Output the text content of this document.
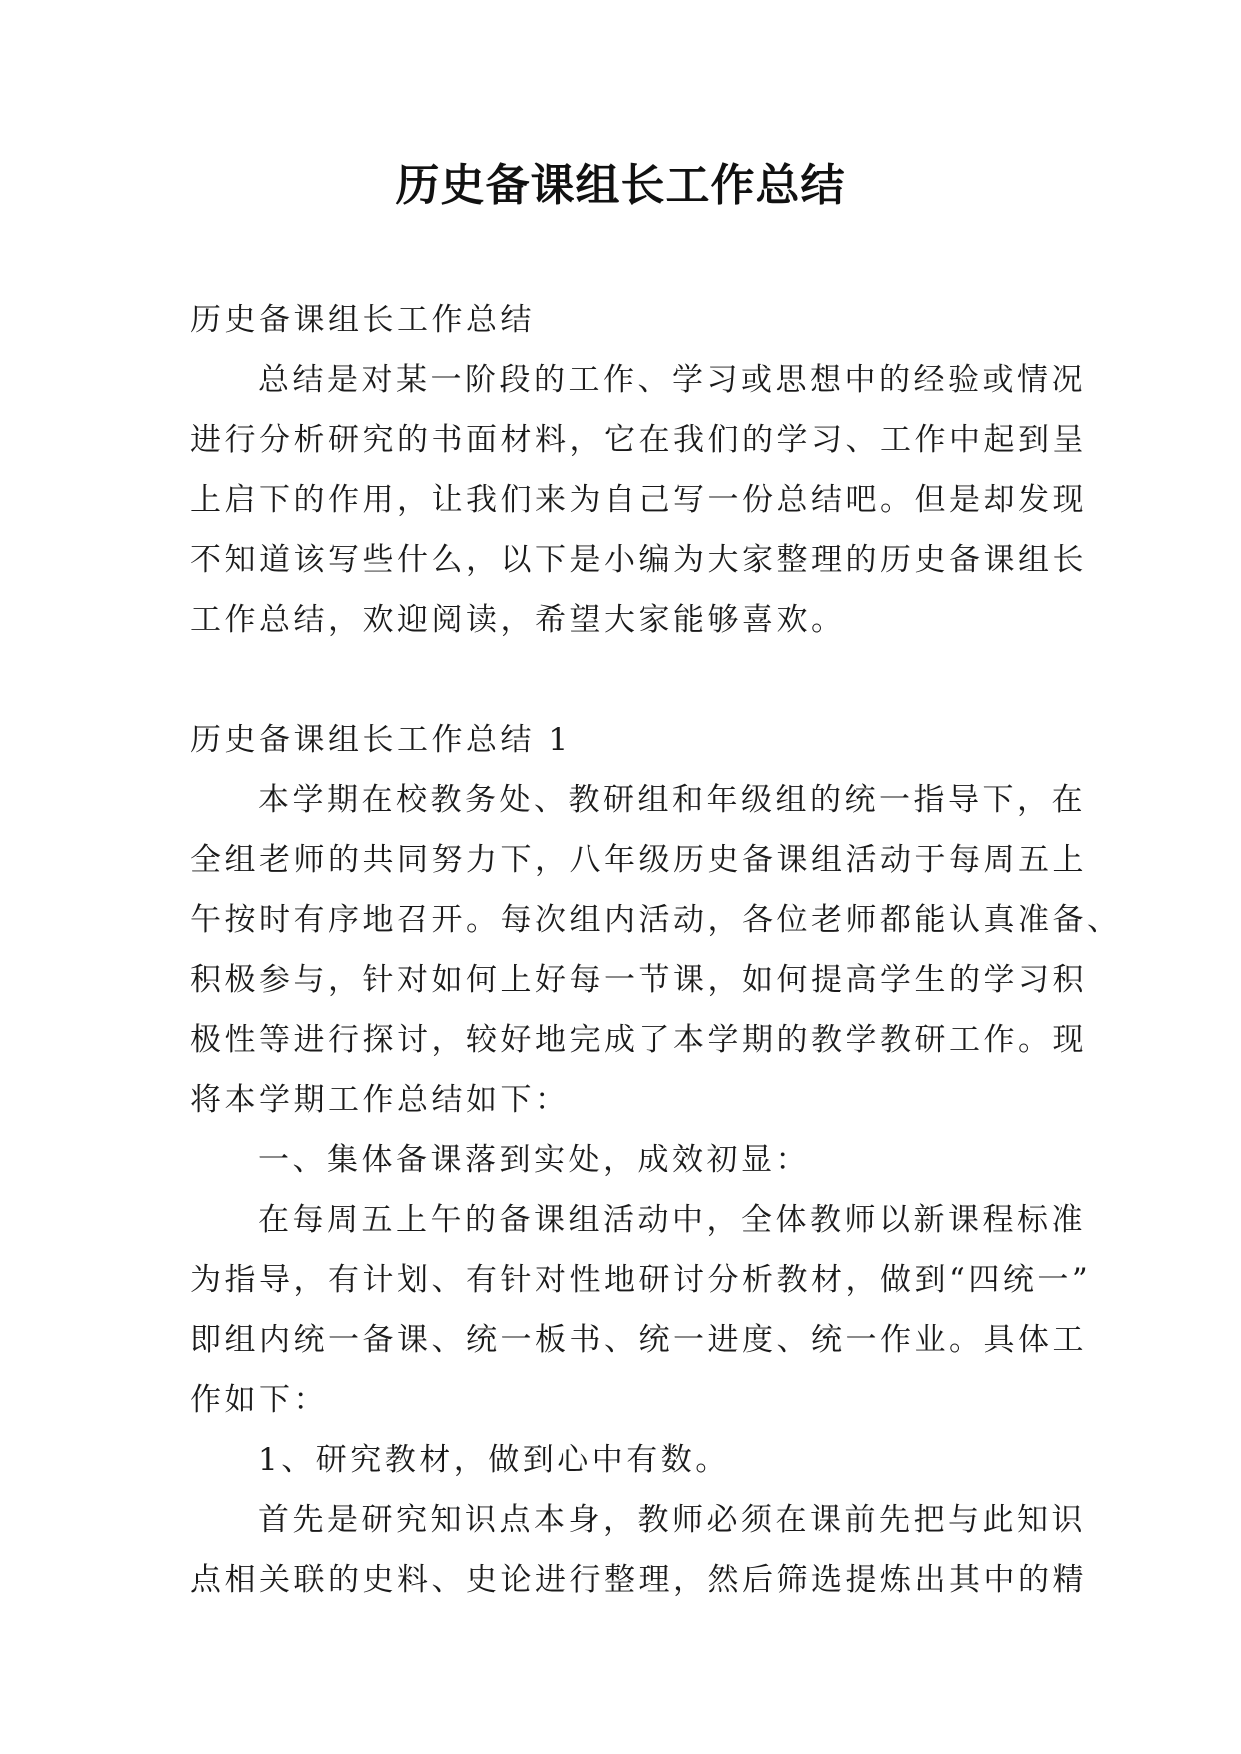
历史备课组长工作总结
历史备课组长工作总结
总结是对某一阶段的工作、学习或思想中的经验或情况
进行分析研究的书面材料，它在我们的学习、工作中起到呈
上启下的作用，让我们来为自己写一份总结吧。但是却发现
不知道该写些什么，以下是小编为大家整理的历史备课组长
工作总结，欢迎阅读，希望大家能够喜欢。
历史备课组长工作总结 1
本学期在校教务处、教研组和年级组的统一指导下，在
全组老师的共同努力下，八年级历史备课组活动于每周五上
午按时有序地召开。每次组内活动，各位老师都能认真准备、
积极参与，针对如何上好每一节课，如何提高学生的学习积
极性等进行探讨，较好地完成了本学期的教学教研工作。现
将本学期工作总结如下：
一、集体备课落到实处，成效初显：
在每周五上午的备课组活动中，全体教师以新课程标准
为指导，有计划、有针对性地研讨分析教材，做到“四统一”
即组内统一备课、统一板书、统一进度、统一作业。具体工
作如下：
1、研究教材，做到心中有数。
首先是研究知识点本身，教师必须在课前先把与此知识
点相关联的史料、史论进行整理，然后筛选提炼出其中的精
